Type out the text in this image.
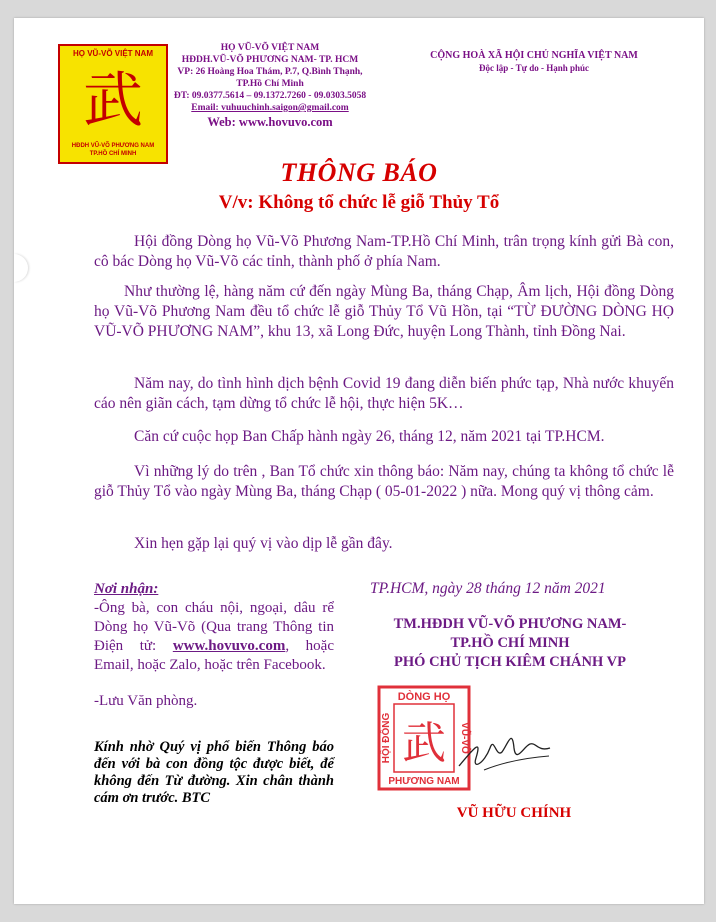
HỌ VŨ-VÕ VIỆT NAM
武
HĐDH VŨ-VÕ PHƯƠNG NAM
TP.HỒ CHÍ MINH
HỌ VŨ-VÕ VIỆT NAM
HĐDH.VŨ-VÕ PHƯƠNG NAM- TP. HCM
VP: 26 Hoàng Hoa Thám, P.7, Q.Bình Thạnh,
TP.Hồ Chí Minh
ĐT: 09.0377.5614 – 09.1372.7260 - 09.0303.5058
Email: vuhuuchinh.saigon@gmail.com
Web: www.hovuvo.com
CỘNG HOÀ XÃ HỘI CHỦ NGHĨA VIỆT NAM
Độc lập - Tự do - Hạnh phúc
THÔNG BÁO
V/v: Không tổ chức lễ giỗ Thủy Tổ
Hội đồng Dòng họ Vũ-Võ Phương Nam-TP.Hồ Chí Minh, trân trọng kính gửi Bà con, cô bác Dòng họ Vũ-Võ các tỉnh, thành phố ở phía Nam.
Như thường lệ, hàng năm cứ đến ngày Mùng Ba, tháng Chạp, Âm lịch, Hội đồng Dòng họ Vũ-Võ Phương Nam đều tổ chức lễ giỗ Thủy Tổ Vũ Hồn, tại “TỪ ĐƯỜNG DÒNG HỌ VŨ-VÕ PHƯƠNG NAM”, khu 13, xã Long Đức, huyện Long Thành, tỉnh Đồng Nai.
Năm nay, do tình hình dịch bệnh Covid 19 đang diễn biến phức tạp, Nhà nước khuyến cáo nên giãn cách, tạm dừng tổ chức lễ hội, thực hiện 5K…
Căn cứ cuộc họp Ban Chấp hành ngày 26, tháng 12, năm 2021 tại TP.HCM.
Vì những lý do trên , Ban Tổ chức xin thông báo: Năm nay, chúng ta không tổ chức lễ giỗ Thủy Tổ vào ngày Mùng Ba, tháng Chạp ( 05-01-2022 ) nữa. Mong quý vị thông cảm.
Xin hẹn gặp lại quý vị vào dịp lễ gần đây.
Nơi nhận:
-Ông bà, con cháu nội, ngoại, dâu rể Dòng họ Vũ-Võ (Qua trang Thông tin Điện tử: www.hovuvo.com, hoặc Email, hoặc Zalo, hoặc trên Facebook.
-Lưu Văn phòng.
Kính nhờ Quý vị phổ biến Thông báo đến với bà con đồng tộc được biết, để không đến Từ đường. Xin chân thành cám ơn trước. BTC
TP.HCM, ngày 28 tháng 12 năm 2021
TM.HĐDH VŨ-VÕ PHƯƠNG NAM-
TP.HỒ CHÍ MINH
PHÓ CHỦ TỊCH KIÊM CHÁNH VP
DÒNG HỌ
PHƯƠNG NAM
HỘI ĐỒNG	VŨ-VÕ
武
VŨ HỮU CHÍNH
